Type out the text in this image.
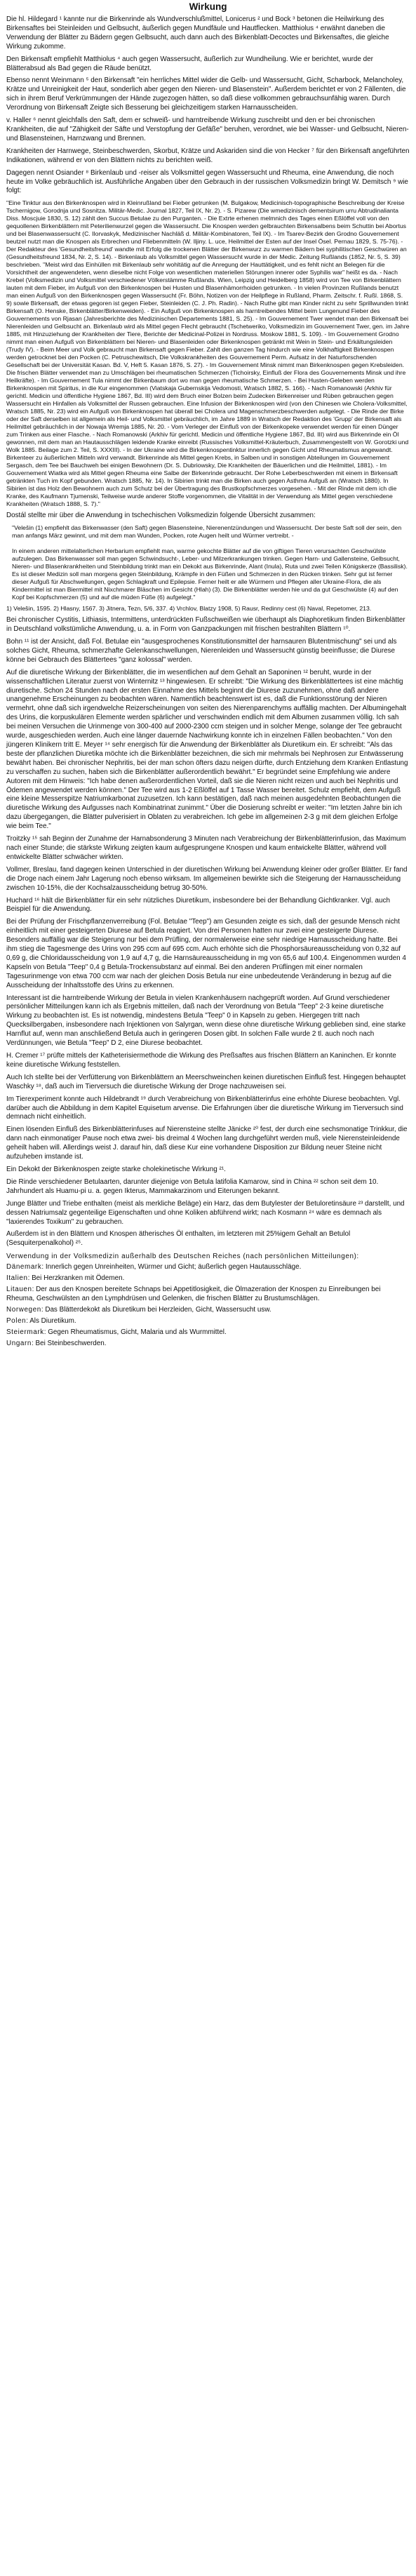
Wirkung

Die hl. Hildegard ¹ kannte nur die Birkenrinde als Wundverschlußmittel, Lonicerus ² und Bock ³ betonen die Heilwirkung des Birkensaftes bei Steinleiden und Gelbsucht, äußerlich gegen Mundfäule und Hautflecken. Matthiolus ⁴ erwähnt daneben die Verwendung der Blätter zu Bädern gegen Gelbsucht, auch dann auch des Birkenblatt-Decoctes und Birkensaftes, die gleiche Wirkung zukomme.

Den Birkensaft empfiehlt Matthiolus ⁴ auch gegen Wassersucht, äußerlich zur Wundheilung. Wie er berichtet, wurde der Blätterabsud als Bad gegen die Räude benützt.

Ebenso nennt Weinmann ⁵ den Birkensaft "ein herrliches Mittel wider die Gelb- und Wassersucht, Gicht, Scharbock, Melancholey, Krätze und Unreinigkeit der Haut, sonderlich aber gegen den Nieren- und Blasenstein". Außerdem berichtet er von 2 Fällenten, die sich in ihrem Beruf Verkrümmungen der Hände zugezogen hätten, so daß diese vollkommen gebrauchsunfähig waren. Durch Verordnung von Birkensaft Zeigte sich Besserung bei gleichzeitigem starken Harnausscheiden.

v. Haller ⁶ nennt gleichfalls den Saft, dem er schweiß- und harntreibende Wirkung zuschreibt und den er bei chronischen Krankheiten, die auf "Zähigkeit der Säfte und Verstopfung der Gefäße" beruhen, verordnet, wie bei Wasser- und Gelbsucht, Nieren- und Blasensteinen, Harnzwang und Brennen.

Krankheiten der Harnwege, Steinbeschwerden, Skorbut, Krätze und Askariden sind die von Hecker ⁷ für den Birkensaft angeführten Indikationen, während er von den Blättern nichts zu berichten weiß.

Dagegen nennt Osiander ⁸ Birkenlaub und -reiser als Volksmittel gegen Wassersucht und Rheuma, eine Anwendung, die noch heute im Volke gebräuchlich ist. Ausführliche Angaben über den Gebrauch in der russischen Volksmedizin bringt W. Demitsch ⁹ wie folgt:

"Eine Tinktur aus den Birkenknospen wird in Kleinrußland bei Fieber getrunken (M. Bulgakow, Medicinisch-topographische Beschreibung der Kreise Tschernigow, Gorodnja und Sosnitza. Militär-Medic. Journal 1827, Teil IX, Nr. 2). - S. Pizarew (Die wmedizinisch dementsirum urru Abtrudinalianta Diss. Moscjuie 1830, S. 12) zählt den Succus Betulae zu den Purganten. - Die Extrte erhenen melmnich des Tages einen Eßlöffel voll von den gequollenen Birkenblättern mit Peterilienwurzel gegen die Wassersucht. Die Knospen werden gelbrauchten Birkensalbens beim Schuttin bei Abortus und bei Blasenwassersucht (C. Ilorvaskyk, Medizinischer Nachläß d. Militär-Kombinatoren, Teil IX). - Im Tsarev-Bezirk den Grodno Gouvernement beutzel nutzt man die Knospen als Erbrechen und Fliebenmitteln (W. Iljiny. L. uce, Heilmittel der Esten auf der Insel Ösel. Pernau 1829, S. 75-76). - Der Redakteur des 'Gesundheitsfreund' wandte mit Erfolg die trockenen Blätter der Birkenwurz zu warmen Bädern bei syphilitischen Geschwüren an (Gesundheitsfreund 1834, Nr. 2, S. 14). - Birkenlaub als Volksmittel gegen Wassersucht wurde in der Medic. Zeitung Rußlands (1852, Nr. 5, S. 39) beschrieben. "Meist wird das Einhüllen mit Birkenlaub sehr wohltätig auf die Anregung der Hauttätigkeit, und es fehlt nicht an Belegen für die Vorsichtheit der angewendeten, wenn dieselbe nicht Folge von wesentlichen materiellen Störungen innerer oder Syphilis war" heißt es da. - Nach Krebel (Volksmedizin und Volksmittel verschiedener Völkerstämme Rußlands. Wien, Leipzig und Heidelberg 1858) wird von Tee von Birkenblättern lauten mit dem Fieber, im Aufguß von den Birkenknospen bei Husten und Blasenhämorrhoiden getrunken. - In vielen Provinzen Rußlands benutzt man einen Aufguß von den Birkenknospen gegen Wassersucht (Fr. Böhn, Notizen von der Heilpflege in Rußland, Pharm. Zeitschr. f. Rußl. 1868, S. 9) sowie Birkensaft, der etwas gegoren ist gegen Fieber, Steinleiden (C. J. Ph. Radin). - Nach Ruthe gibt man Kinder nicht zu sehr Sprillwunden trinkt Birkensaft (O. Henske, Birkenblätter/Birkenweiden). - Ein Aufguß von Birkenknospen als harntreibendes Mittel beim Lungenund Fieber des Gouvernements von Rjasan (Jahresberichte des Medizinischen Departements 1881, S. 25). - Im Gouvernement Twer wendet man den Birkensaft bei Nierenleiden und Gelbsucht an. Birkenlaub wird als Mittel gegen Flecht gebraucht (Tschetweriko, Volksmedizin im Gouvernement Twer, gen. im Jahre 1885, mit Hinzuziehung der Krankheiten der Tiere, Berichte der Medicinal-Polizei in Nordruss. Moskow 1881, S. 109). - Im Gouvernement Grodno nimmt man einen Aufguß von Birkenblättern bei Nieren- und Blasenleiden oder Birkenknospen getränkt mit Wein in Stein- und Erkältungsleiden (Trudy IV). - Beim Meer und Volk gebraucht man Birkensaft gegen Fieber. Zahlt den ganzen Tag hindurch wie eine Volkhaftigkeit Birkenknospen werden getrocknet bei den Pocken (C. Petruschewitsch, Die Volkskrankheiten des Gouvernement Perm. Aufsatz in der Naturforschenden Gesellschaft bei der Universität Kasan. Bd. V, Heft 5. Kasan 1876, S. 27). - Im Gouvernement Minsk nimmt man Birkenknospen gegen Krebsleiden. Die frischen Blätter verwendet man zu Umschlägen bei rheumatischen Schmerzen (Tichoirsky, Einfluß der Flora des Gouvernements Minsk und ihre Heilkräfte). - Im Gouvernement Tula nimmt der Birkenbaum dort wo man gegen rheumatische Schmerzen. - Bei Husten-Geleben werden Birkenknospen mit Spiritus, in die Kur eingenommen (Viatskaja Gubernskija Vedomosti, Wratsch 1882, S. 166). - Nach Romanowski (Arkhiv für gerichtl. Medicin und öffentliche Hygiene 1867, Bd. III) wird dem Bruch einer Bolzen beim Zudecken Birkenreiser und Rüben gebrauchen gegen Wassersucht ein Hinfallen als Volksmittel der Russen gebrauchen. Eine Infusion der Birkenknospen wird (von den Chinesen wie Cholera-Volksmittel, Wratsch 1885, Nr. 23) wird ein Aufguß von Birkenknospen hat überall bei Cholera und Magenschmerzbeschwerden aufgelegt. - Die Rinde der Birke oder der Saft derselben ist allgemein als Heil- und Volksmittel gebräuchlich, im Jahre 1889 in Wratsch der Redaktion des 'Grupp' der Birkensaft als Heilmittel gebräuchlich in der Nowaja Wremja 1885, Nr. 20. - Vom Verleger der Einfluß von der Birkenkopeke verwendet werden für einen Dünger zum Trinken aus einer Flasche. - Nach Romanowski (Arkhiv für gerichtl. Medicin und öffentliche Hygiene 1867, Bd. III) wird aus Birkenrinde ein Öl gewonnen, mit dem man an Hautausschlägen leidende Kranke einreibt (Russisches Volksmittel-Kräuterbuch, Zusammengestellt von W. Gorotzki und Wolk 1885. Beilage zum 2. Teil, S. XXXIII). - In der Ukraine wird die Birkenknospentinktur innerlich gegen Gicht und Rheumatismus angewandt. Birkenteer zu äußerlichen Mitteln wird verwandt. Birkenrinde als Mittel gegen Krebs, in Salben und in sonstigen Abteilungen im Gouvernement Sergasch, dem Tee bei Bauchweh bei einigen Bewohnern (Dr. S. Dubriowsky, Die Krankheiten der Bäuerlichen und die Heilmittel, 1881). - Im Gouvernement Wiatka wird als Mittel gegen Rheuma eine Salbe der Birkenrinde gebraucht. Der Rohe Leberbeschwerden mit einem in Birkensaft getränkten Tuch im Kopf gebunden. Wratsch 1885, Nr. 14). In Sibirien trinkt man die Birken auch gegen Asthma Aufguß an (Wratsch 1880). In Sibirien ist das Holz den Bewohnern auch zum Schutz bei der Übertragung des Brustkopfschmerzes vorgesehen. - Mit der Rinde mit dem ich die Kranke, des Kaufmann Tjumenski, Teilweise wurde anderer Stoffe vorgenommen, die Vitalität in der Verwendung als Mittel gegen verschiedene Krankheiten (Wratsch 1888, S. 7)."

Dostál stellte mir über die Anwendung in tschechischen Volksmedizin folgende Übersicht zusammen:

"Velešin (1) empfiehlt das Birkenwasser (den Saft) gegen Blasensteine, Nierenentzündungen und Wassersucht. Der beste Saft soll der sein, den man anfangs März gewinnt, und mit dem man Wunden, Pocken, rote Augen heilt und Würmer vertreibt. -

In einem anderen mittelalterlichen Herbarium empfiehlt man, warme gekochte Blätter auf die von giftigen Tieren verursachten Geschwülste aufzulegen. Das Birkenwasser soll man gegen Schwindsucht-, Leber- und Milzerkrankungen trinken. Gegen Harn- und Gallensteine, Gelbsucht, Nieren- und Blasenkrankheiten und Steinbildung trinkt man ein Dekokt aus Birkenrinde, Alant (Inula), Ruta und zwei Teilen Königskerze (Bassilisk). Es ist dieser Medizin soll man morgens gegen Steinbildung, Krämpfe in den Füßen und Schmerzen in den Rücken trinken. Sehr gut ist ferner dieser Aufguß für Abschwellungen, gegen Schlagkraft und Epilepsie. Ferner heilt er alle Würmern und Pflegen aller Ukraine-Flora, die als Kindermittel ist man Biermittel mit Nixchmarer Bläschen im Gesicht (Hlah) (3). Die Birkenblätter werden hie und da gut Geschwülste (4) auf den Kopf bei Kopfschmerzen (5) und auf die müden Füße (6) aufgelegt."

1) Velešin, 1595. 2) Hlasny, 1567. 3) Jitnera, Tezn, 5/6, 337. 4) Vrchlov, Blatzy 1908, 5) Rausr, Redinny cest (6) Naval, Repetomer, 213.

Bei chronischer Cystitis, Lithiasis, Intermittens, unterdrückten Fußschweißen wie überhaupt als Diaphoretikum finden Birkenblätter in Deutschland volkstümliche Anwendung, u. a. in Form von Ganzpackungen mit frischen bestrahlten Blättern ¹⁰.

Bohn ¹¹ ist der Ansicht, daß Fol. Betulae ein "ausgesprochenes Konstitutionsmittel der harnsauren Blutentmischung" sei und als solches Gicht, Rheuma, schmerzhafte Gelenkanschwellungen, Nierenleiden und Wassersucht günstig beeinflusse; die Diurese könne bei Gebrauch des Blättertees "ganz kolossal" werden.

Auf die diuretische Wirkung der Birkenblätter, die im wesentlichen auf dem Gehalt an Saponinen ¹² beruht, wurde in der wissenschaftlichen Literatur zuerst von Winternitz ¹³ hingewiesen. Er schreibt: "Die Wirkung des Birkenblättertees ist eine mächtig diuretische. Schon 24 Stunden nach der ersten Einnahme des Mittels beginnt die Diurese zuzunehmen, ohne daß andere unangenehme Erscheinungen zu beobachten wären. Namentlich beachtenswert ist es, daß die Funktionsstörung der Nieren vermehrt, ohne daß sich irgendwelche Reizerscheinungen von seiten des Nierenparenchyms auffällig machten. Der Albumingehalt des Urins, die korpuskulären Elemente werden spärlicher und verschwinden endlich mit dem Albumen zusammen völlig. Ich sah bei meinen Versuchen die Urinmenge von 300-400 auf 2000-2300 ccm steigen und in solcher Menge, solange der Tee gebraucht wurde, ausgeschieden werden. Auch eine länger dauernde Nachwirkung konnte ich in einzelnen Fällen beobachten." Von den jüngeren Klinikern tritt E. Meyer ¹⁴ sehr energisch für die Anwendung der Birkenblätter als Diuretikum ein. Er schreibt: "Als das beste der pflanzlichen Diuretika möchte ich die Birkenblätter bezeichnen, die sich mir mehrmals bei Nephrosen zur Entwässerung bewährt haben. Bei chronischer Nephritis, bei der man schon öfters dazu neigen dürfte, durch Entziehung dem Kranken Entlastung zu verschaffen zu suchen, haben sich die Birkenblätter außerordentlich bewährt." Er begründet seine Empfehlung wie andere Autoren mit dem Hinweis: "Ich habe denen außerordentlichen Vorteil, daß sie die Nieren nicht reizen und auch bei Nephritis und Ödemen angewendet werden können." Der Tee wird aus 1-2 Eßlöffel auf 1 Tasse Wasser bereitet. Schulz empfiehlt, dem Aufguß eine kleine Messerspitze Natriumkarbonat zuzusetzen. Ich kann bestätigen, daß nach meinen ausgedehnten Beobachtungen die diuretische Wirkung des Aufgusses nach Kombinatrinat zunimmt." Über die Dosierung schreibt er weiter: "Im letzten Jahre bin ich dazu übergegangen, die Blätter pulverisiert in Oblaten zu verabreichen. Ich gebe im allgemeinen 2-3 g mit dem gleichen Erfolge wie beim Tee."

Troitzky ¹⁵ sah Beginn der Zunahme der Harnabsonderung 3 Minuten nach Verabreichung der Birkenblätterinfusion, das Maximum nach einer Stunde; die stärkste Wirkung zeigten kaum aufgesprungene Knospen und kaum entwickelte Blätter, während voll entwickelte Blätter schwächer wirkten.

Vollmer, Breslau, fand dagegen keinen Unterschied in der diuretischen Wirkung bei Anwendung kleiner oder großer Blätter. Er fand die Droge nach einem Jahr Lagerung noch ebenso wirksam. Im allgemeinen bewirkte sich die Steigerung der Harnausscheidung zwischen 10-15%, die der Kochsalzausscheidung betrug 30-50%.

Huchard ¹⁶ hält die Birkenblätter für ein sehr nützliches Diuretikum, insbesondere bei der Behandlung Gichtkranker. Vgl. auch Beispiel für die Anwendung.

Bei der Prüfung der Frischpflanzenverreibung (Fol. Betulae "Teep") am Gesunden zeigte es sich, daß der gesunde Mensch nicht einheitlich mit einer gesteigerten Diurese auf Betula reagiert. Von drei Personen hatten nur zwei eine gesteigerte Diurese. Besonders auffällig war die Steigerung nur bei dem Prüfling, der normalerweise eine sehr niedrige Harnausscheidung hatte. Bei ihm stieg die Tagesmenge des Urins von 295 ccm auf 695 ccm. Auch erhöhte sich die Phosphorsäureausscheidung von 0,32 auf 0,69 g, die Chloridausscheidung von 1,9 auf 4,7 g, die Harnsäureausscheidung in mg von 65,6 auf 100,4. Eingenommen wurden 4 Kapseln von Betula "Teep" 0,4 g Betula-Trockensubstanz auf einmal. Bei den anderen Prüflingen mit einer normalen Tagesurinmenge von etwa 700 ccm war nach der gleichen Dosis Betula nur eine unbedeutende Veränderung in bezug auf die Ausscheidung der Inhaltsstoffe des Urins zu erkennen.

Interessant ist die harntreibende Wirkung der Betula in vielen Krankenhäusern nachgeprüft worden. Auf Grund verschiedener persönlicher Mitteilungen kann ich als Ergebnis mitteilen, daß nach der Verordnung von Betula "Teep" 2-3 keine diuretische Wirkung zu beobachten ist. Es ist notwendig, mindestens Betula "Teep" 0 in Kapseln zu geben. Hiergegen tritt nach Quecksilbergaben, insbesondere nach Injektionen von Salyrgan, wenn diese ohne diuretische Wirkung geblieben sind, eine starke Harnflut auf, wenn man anschließend Betula auch in geringeren Dosen gibt. In solchen Falle wurde 2 tl. auch noch nach Verdünnungen, wie Betula "Teep" D 2, eine Diurese beobachtet.

H. Cremer ¹⁷ prüfte mittels der Katheterisiermethode die Wirkung des Preßsaftes aus frischen Blättern an Kaninchen. Er konnte keine diuretische Wirkung feststellen.

Auch Ich stellte bei der Verfütterung von Birkenblättern an Meerschweinchen keinen diuretischen Einfluß fest. Hingegen behauptet Waschky ¹⁸, daß auch im Tierversuch die diuretische Wirkung der Droge nachzuweisen sei.

Im Tierexperiment konnte auch Hildebrandt ¹⁹ durch Verabreichung von Birkenblätterinfus eine erhöhte Diurese beobachten. Vgl. darüber auch die Abbildung in dem Kapitel Equisetum arvense. Die Erfahrungen über die diuretische Wirkung im Tierversuch sind demnach nicht einheitlich.

Einen lösenden Einfluß des Birkenblätterinfuses auf Nierensteine stellte Jänicke ²⁰ fest, der durch eine sechsmonatige Trinkkur, die dann nach einmonatiger Pause noch etwa zwei- bis dreimal 4 Wochen lang durchgeführt werden muß, viele Nierensteinleidende geheilt haben will. Allerdings weist J. darauf hin, daß diese Kur eine vorhandene Disposition zur Bildung neuer Steine nicht aufzuheben imstande ist.

Ein Dekokt der Birkenknospen zeigte starke cholekinetische Wirkung ²¹.

Die Rinde verschiedener Betulaarten, darunter diejenige von Betula latifolia Kamarow, sind in China ²² schon seit dem 10. Jahrhundert als Huamu-pi u. a. gegen Ikterus, Mammakarzinom und Eiterungen bekannt.

Junge Blätter und Triebe enthalten (meist als merkliche Beläge) ein Harz, das dem Butylester der Betuloretinsäure ²³ darstellt, und dessen Natriumsalz gegenteilige Eigenschaften und ohne Koliken abführend wirkt; nach Kosmann ²⁴ wäre es demnach als "laxierendes Toxikum" zu gebrauchen.

Außerdem ist in den Blättern und Knospen ätherisches Öl enthalten, im letzteren mit 25%igem Gehalt an Betulol (Sesquiterpenalkohol) ²⁵.

Verwendung in der Volksmedizin außerhalb des Deutschen Reiches (nach persönlichen Mitteilungen):

Dänemark: Innerlich gegen Unreinheiten, Würmer und Gicht; äußerlich gegen Hautausschläge.

Italien: Bei Herzkranken mit Ödemen.

Litauen: Der aus den Knospen bereitete Schnaps bei Appetitlosigkeit, die Ölmazeration der Knospen zu Einreibungen bei Rheuma, Geschwülsten an den Lymphdrüsen und Gelenken, die frischen Blätter zu Brustumschlägen.

Norwegen: Das Blätterdekokt als Diuretikum bei Herzleiden, Gicht, Wassersucht usw.

Polen: Als Diuretikum.

Steiermark: Gegen Rheumatismus, Gicht, Malaria und als Wurmmittel.

Ungarn: Bei Steinbeschwerden.
